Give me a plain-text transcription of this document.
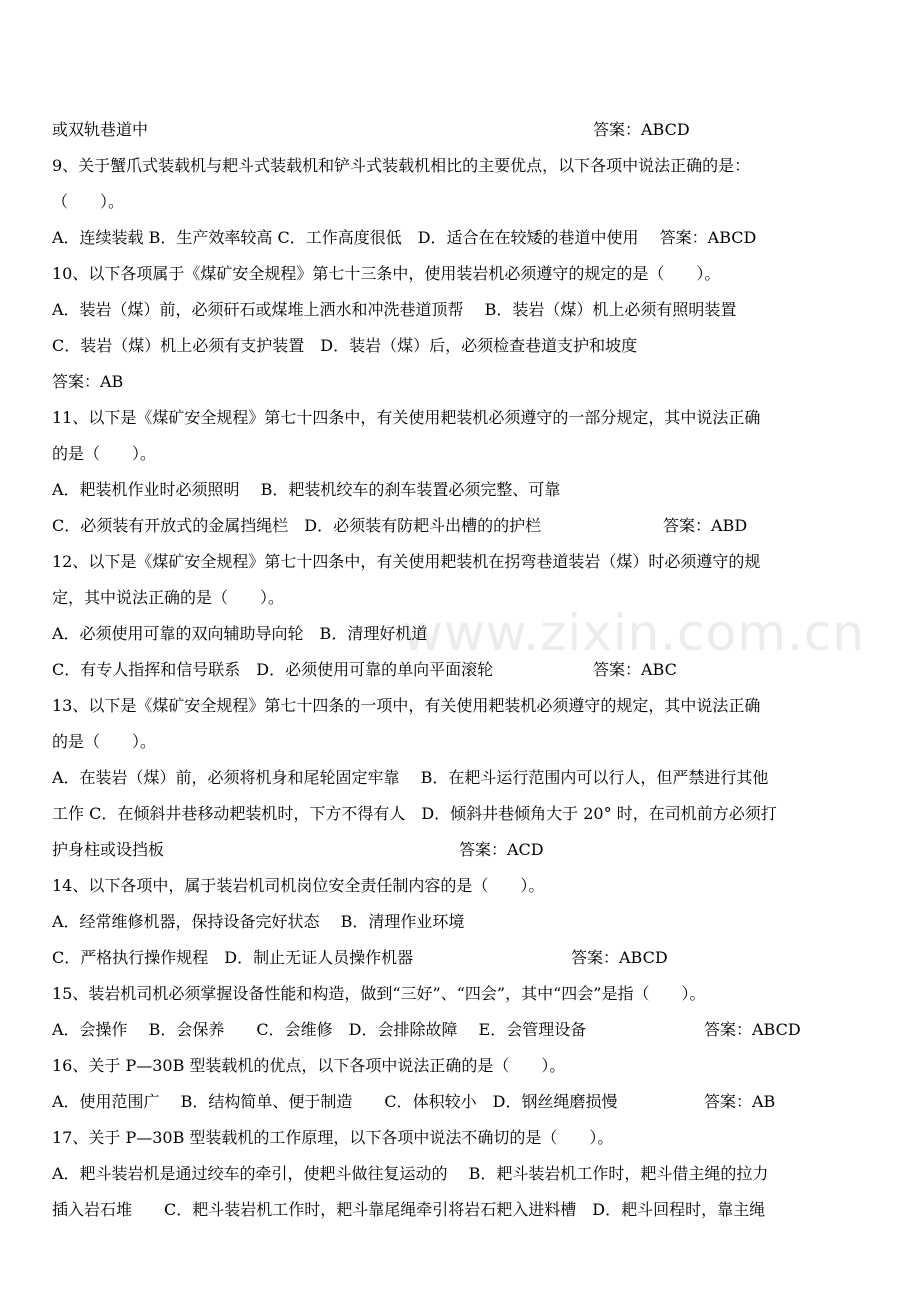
www.zixin.com.cn
或双轨巷道中	答案：ABCD
9、关于蟹爪式装载机与耙斗式装载机和铲斗式装载机相比的主要优点，以下各项中说法正确的是：
（　　）。
A．连续装载 B．生产效率较高 C．工作高度很低　D．适合在在较矮的巷道中使用　 答案：ABCD
10、以下各项属于《煤矿安全规程》第七十三条中，使用装岩机必须遵守的规定的是（　　）。
A．装岩（煤）前，必须矸石或煤堆上洒水和冲洗巷道顶帮　 B．装岩（煤）机上必须有照明装置
C．装岩（煤）机上必须有支护装置　D．装岩（煤）后，必须检查巷道支护和坡度
答案：AB
11、以下是《煤矿安全规程》第七十四条中，有关使用耙装机必须遵守的一部分规定，其中说法正确
的是（　　）。
A．耙装机作业时必须照明　 B．耙装机绞车的刹车装置必须完整、可靠
C．必须装有开放式的金属挡绳栏　D．必须装有防耙斗出槽的的护栏	答案：ABD
12、以下是《煤矿安全规程》第七十四条中，有关使用耙装机在拐弯巷道装岩（煤）时必须遵守的规
定，其中说法正确的是（　　）。
A．必须使用可靠的双向辅助导向轮　B．清理好机道
C．有专人指挥和信号联系　D．必须使用可靠的单向平面滚轮	答案：ABC
13、以下是《煤矿安全规程》第七十四条的一项中，有关使用耙装机必须遵守的规定，其中说法正确
的是（　　）。
A．在装岩（煤）前，必须将机身和尾轮固定牢靠　 B．在耙斗运行范围内可以行人，但严禁进行其他
工作 C．在倾斜井巷移动耙装机时，下方不得有人　D．倾斜井巷倾角大于 20° 时，在司机前方必须打
护身柱或设挡板	答案：ACD
14、以下各项中，属于装岩机司机岗位安全责任制内容的是（　　）。
A．经常维修机器，保持设备完好状态　 B．清理作业环境
C．严格执行操作规程　D．制止无证人员操作机器	答案：ABCD
15、装岩机司机必须掌握设备性能和构造，做到“三好”、“四会”，其中“四会”是指（　　）。
A．会操作　 B．会保养　　C．会维修　D．会排除故障　 E．会管理设备	答案：ABCD
16、关于 P—30B 型装载机的优点，以下各项中说法正确的是（　　）。
A．使用范围广　 B．结构简单、便于制造　　C．体积较小　D．钢丝绳磨损慢	答案：AB
17、关于 P—30B 型装载机的工作原理，以下各项中说法不确切的是（　　）。
A．耙斗装岩机是通过绞车的牵引，使耙斗做往复运动的　 B．耙斗装岩机工作时，耙斗借主绳的拉力
插入岩石堆　　C．耙斗装岩机工作时，耙斗靠尾绳牵引将岩石耙入进料槽　D．耙斗回程时，靠主绳
